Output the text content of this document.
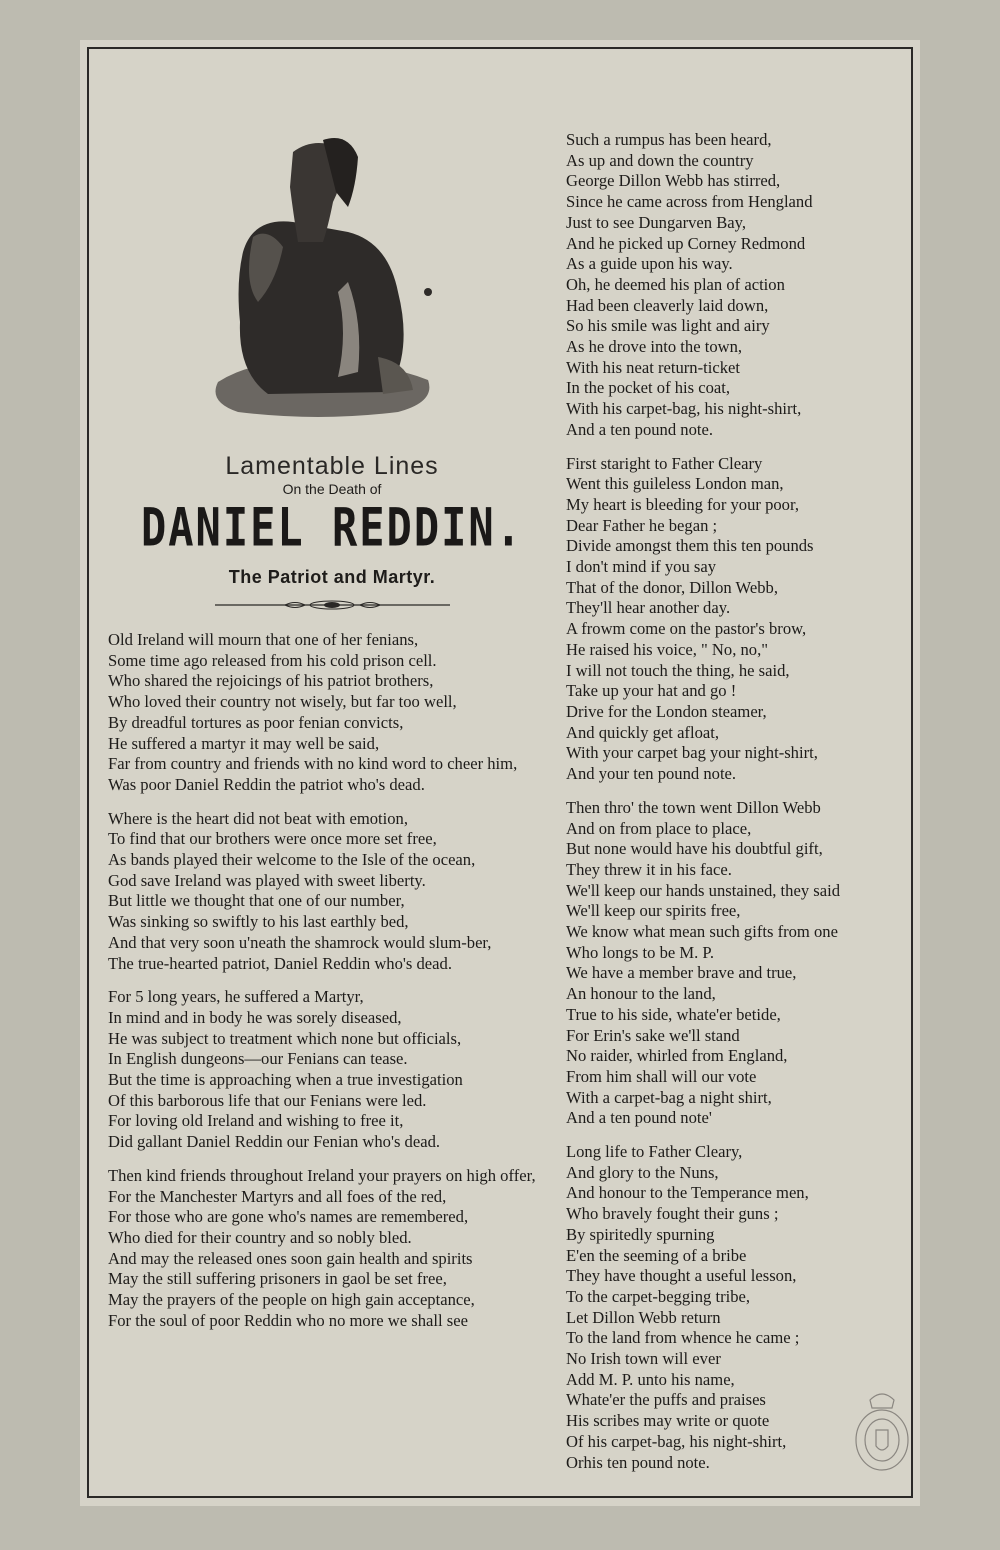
Lamentable Lines
On the Death of
DANIEL REDDIN.
The Patriot and Martyr.
Old Ireland will mourn that one of her fenians,
Some time ago released from his cold prison cell.
Who shared the rejoicings of his patriot brothers,
Who loved their country not wisely, but far too well,
By dreadful tortures as poor fenian convicts,
He suffered a martyr it may well be said,
Far from country and friends with no kind word to cheer him,
Was poor Daniel Reddin the patriot who's dead.
Where is the heart did not beat with emotion,
To find that our brothers were once more set free,
As bands played their welcome to the Isle of the ocean,
God save Ireland was played with sweet liberty.
But little we thought that one of our number,
Was sinking so swiftly to his last earthly bed,
And that very soon u'neath the shamrock would slum-ber,
The true-hearted patriot, Daniel Reddin who's dead.
For 5 long years, he suffered a Martyr,
In mind and in body he was sorely diseased,
He was subject to treatment which none but officials,
In English dungeons—our Fenians can tease.
But the time is approaching when a true investigation
Of this barborous life that our Fenians were led.
For loving old Ireland and wishing to free it,
Did gallant Daniel Reddin our Fenian who's dead.
Then kind friends throughout Ireland your prayers on high offer,
For the Manchester Martyrs and all foes of the red,
For those who are gone who's names are remembered,
Who died for their country and so nobly bled.
And may the released ones soon gain health and spirits
May the still suffering prisoners in gaol be set free,
May the prayers of the people on high gain acceptance,
For the soul of poor Reddin who no more we shall see
Such a rumpus has been heard,
As up and down the country
George Dillon Webb has stirred,
Since he came across from Hengland
Just to see Dungarven Bay,
And he picked up Corney Redmond
As a guide upon his way.
Oh, he deemed his plan of action
Had been cleaverly laid down,
So his smile was light and airy
As he drove into the town,
With his neat return-ticket
In the pocket of his coat,
With his carpet-bag, his night-shirt,
And a ten pound note.
First staright to Father Cleary
Went this guileless London man,
My heart is bleeding for your poor,
Dear Father he began ;
Divide amongst them this ten pounds
I don't mind if you say
That of the donor, Dillon Webb,
They'll hear another day.
A frowm come on the pastor's brow,
He raised his voice, " No, no,"
I will not touch the thing, he said,
Take up your hat and go !
Drive for the London steamer,
And quickly get afloat,
With your carpet bag your night-shirt,
And your ten pound note.
Then thro' the town went Dillon Webb
And on from place to place,
But none would have his doubtful gift,
They threw it in his face.
We'll keep our hands unstained, they said
We'll keep our spirits free,
We know what mean such gifts from one
Who longs to be M. P.
We have a member brave and true,
An honour to the land,
True to his side, whate'er betide,
For Erin's sake we'll stand
No raider, whirled from England,
From him shall will our vote
With a carpet-bag a night shirt,
And a ten pound note'
Long life to Father Cleary,
And glory to the Nuns,
And honour to the Temperance men,
Who bravely fought their guns ;
By spiritedly spurning
E'en the seeming of a bribe
They have thought a useful lesson,
To the carpet-begging tribe,
Let Dillon Webb return
To the land from whence he came ;
No Irish town will ever
Add M. P. unto his name,
Whate'er the puffs and praises
His scribes may write or quote
Of his carpet-bag, his night-shirt,
Orhis ten pound note.
